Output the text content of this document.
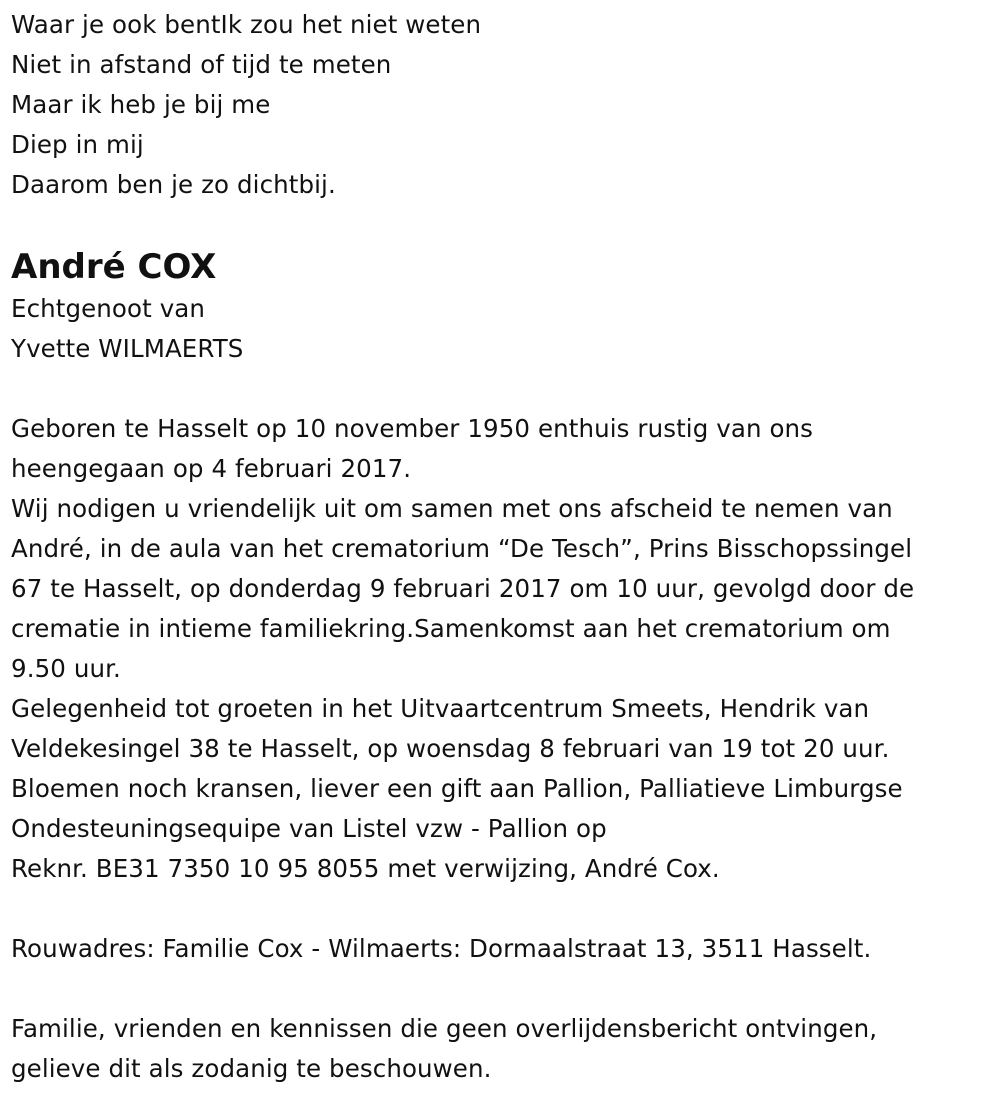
Waar je ook bentIk zou het niet weten
Niet in afstand of tijd te meten
Maar ik heb je bij me
Diep in mij
Daarom ben je zo dichtbij.
André COX
Echtgenoot van
Yvette WILMAERTS
Geboren te Hasselt op 10 november 1950 enthuis rustig van ons
heengegaan op 4 februari 2017.
Wij nodigen u vriendelijk uit om samen met ons afscheid te nemen van
André, in de aula van het crematorium “De Tesch”, Prins Bisschopssingel
67 te Hasselt, op donderdag 9 februari 2017 om 10 uur, gevolgd door de
crematie in intieme familiekring.Samenkomst aan het crematorium om
9.50 uur.
Gelegenheid tot groeten in het Uitvaartcentrum Smeets, Hendrik van
Veldekesingel 38 te Hasselt, op woensdag 8 februari van 19 tot 20 uur.
Bloemen noch kransen, liever een gift aan Pallion, Palliatieve Limburgse
Ondesteuningsequipe van Listel vzw - Pallion op
Reknr. BE31 7350 10 95 8055 met verwijzing, André Cox.
Rouwadres: Familie Cox - Wilmaerts: Dormaalstraat 13, 3511 Hasselt.
Familie, vrienden en kennissen die geen overlijdensbericht ontvingen,
gelieve dit als zodanig te beschouwen.
